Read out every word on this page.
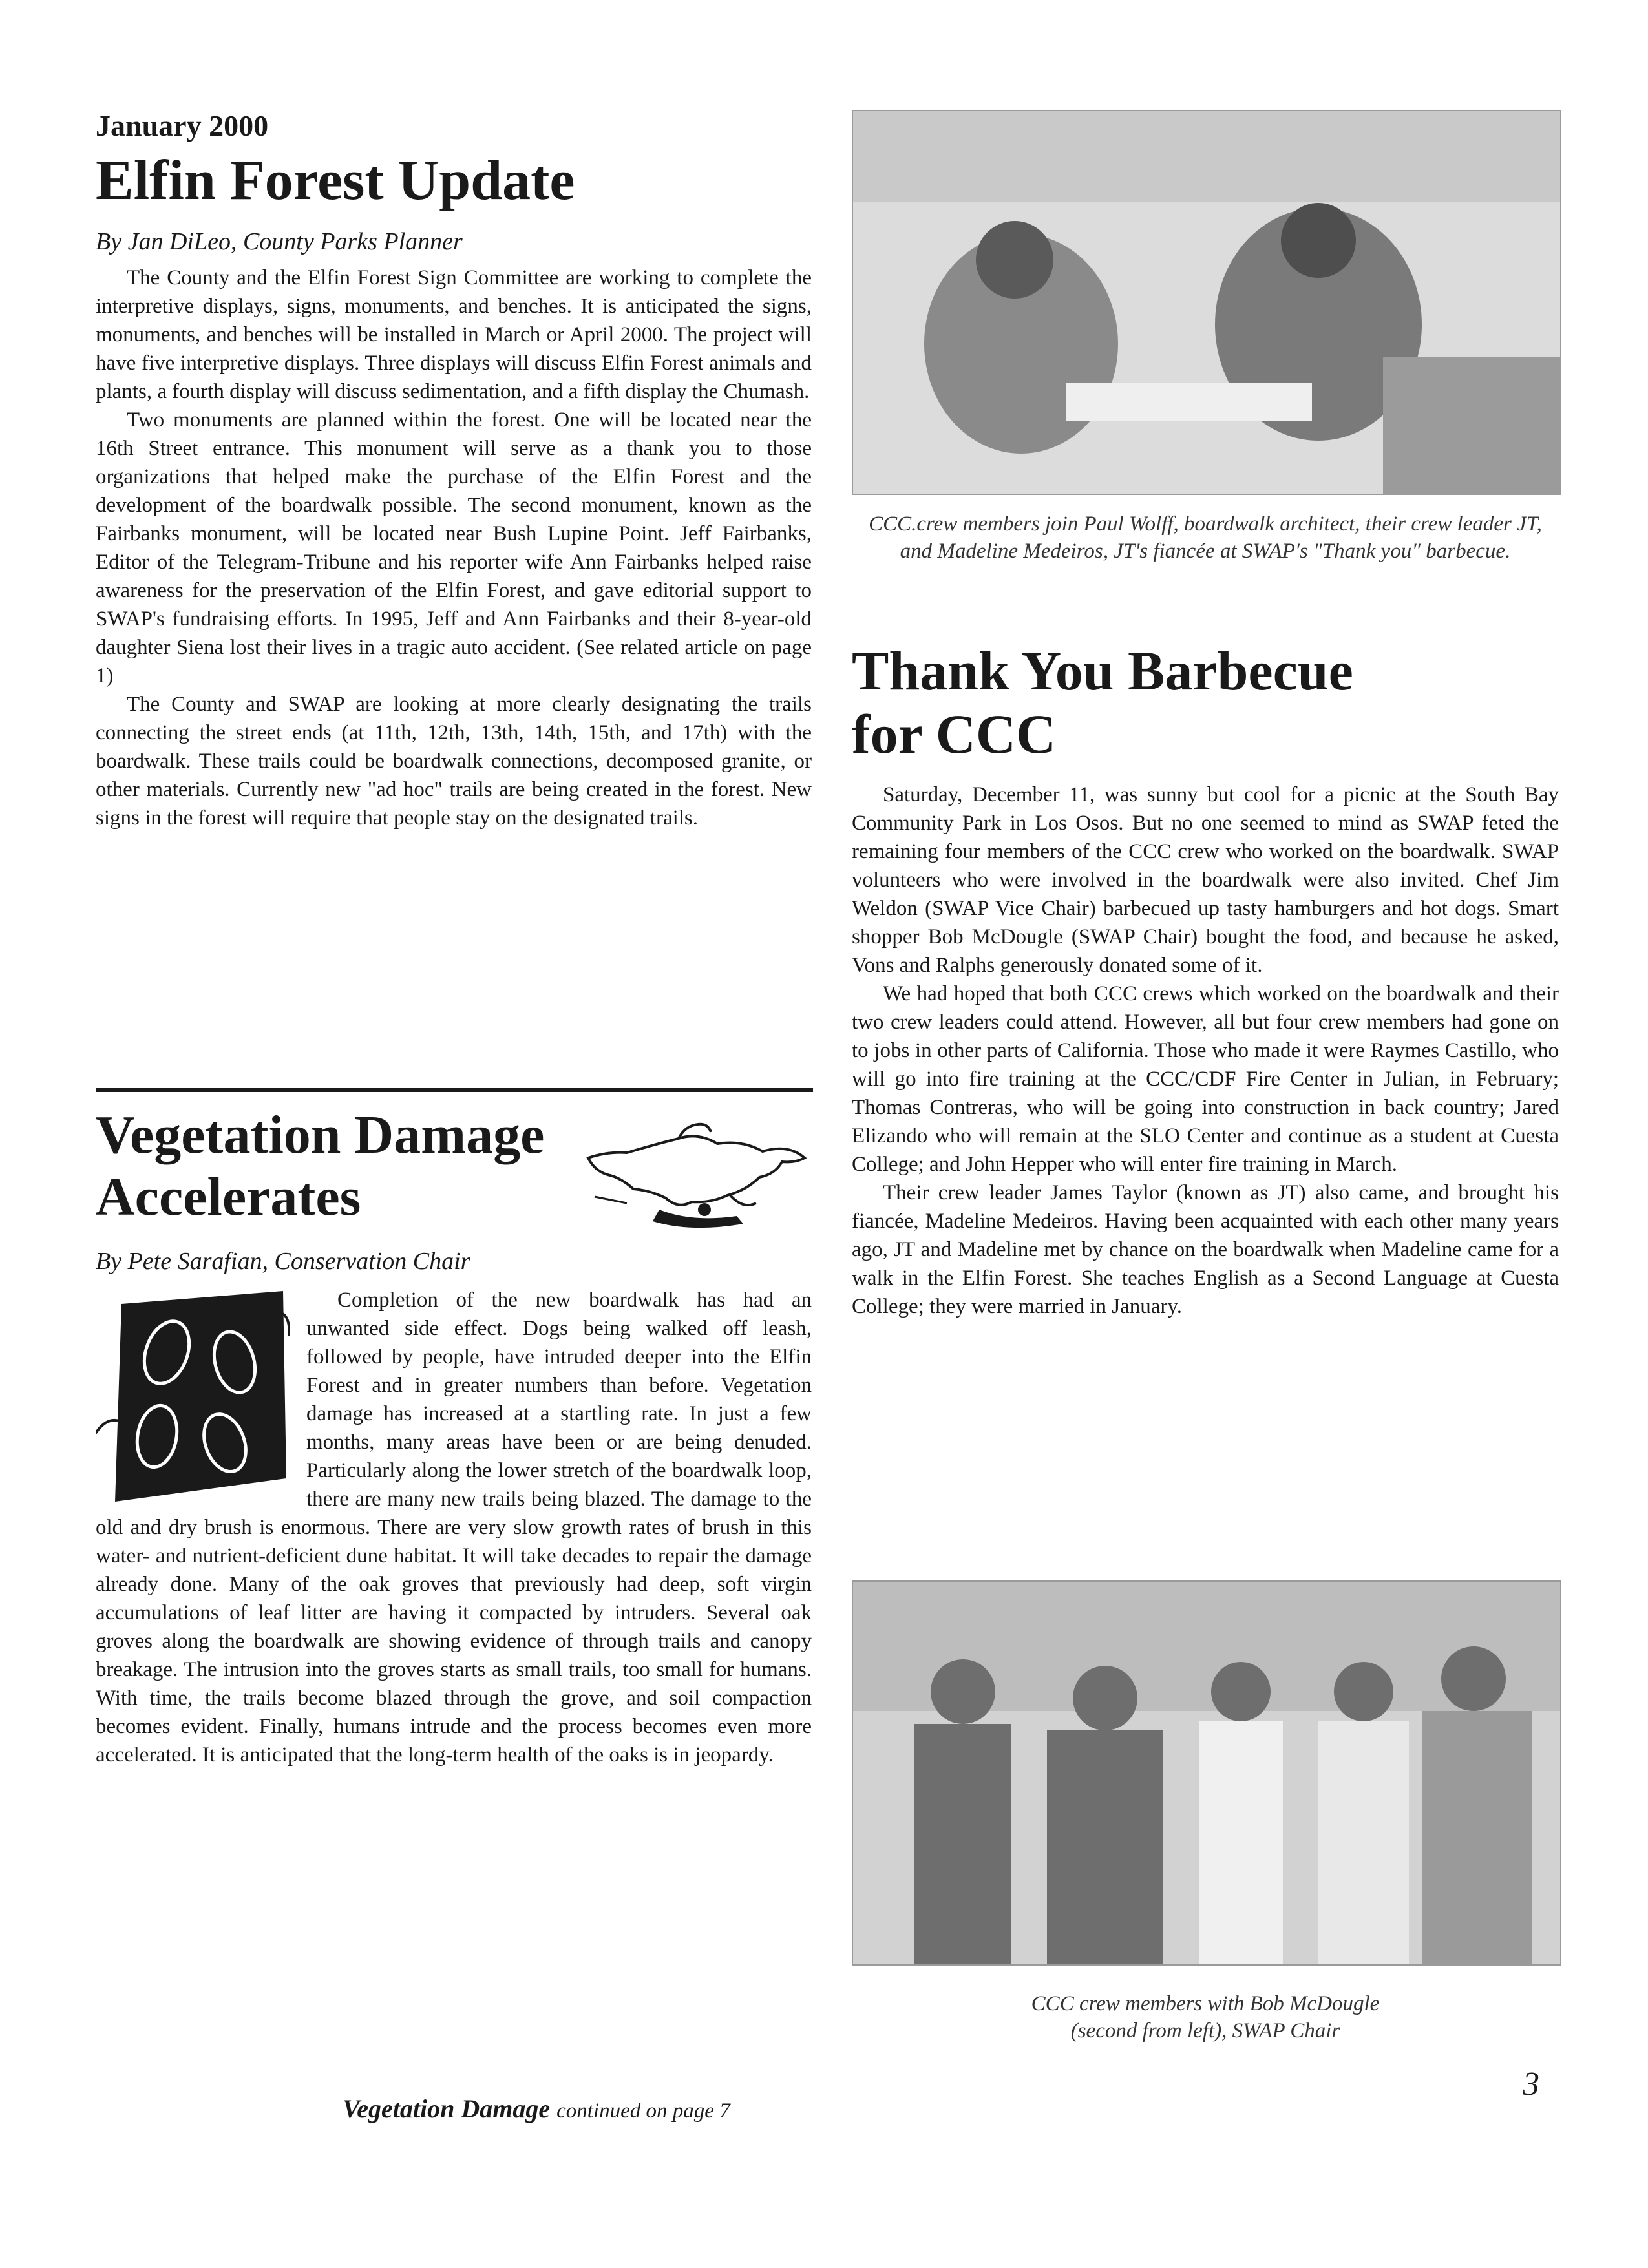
January 2000
Elfin Forest Update
By Jan DiLeo, County Parks Planner

The County and the Elfin Forest Sign Committee are working to complete the interpretive displays, signs, monuments, and benches. It is anticipated the signs, monuments, and benches will be installed in March or April 2000. The project will have five interpretive displays. Three displays will discuss Elfin Forest animals and plants, a fourth display will discuss sedimentation, and a fifth display the Chumash.

Two monuments are planned within the forest. One will be located near the 16th Street entrance. This monument will serve as a thank you to those organizations that helped make the purchase of the Elfin Forest and the development of the boardwalk possible. The second monument, known as the Fairbanks monument, will be located near Bush Lupine Point. Jeff Fairbanks, Editor of the Telegram-Tribune and his reporter wife Ann Fairbanks helped raise awareness for the preservation of the Elfin Forest, and gave editorial support to SWAP's fundraising efforts. In 1995, Jeff and Ann Fairbanks and their 8-year-old daughter Siena lost their lives in a tragic auto accident. (See related article on page 1)

The County and SWAP are looking at more clearly designating the trails connecting the street ends (at 11th, 12th, 13th, 14th, 15th, and 17th) with the boardwalk. These trails could be boardwalk connections, decomposed granite, or other materials. Currently new "ad hoc" trails are being created in the forest. New signs in the forest will require that people stay on the designated trails.

Vegetation Damage
Accelerates
By Pete Sarafian, Conservation Chair

Completion of the new boardwalk has had an unwanted side effect. Dogs being walked off leash, followed by people, have intruded deeper into the Elfin Forest and in greater numbers than before. Vegetation damage has increased at a startling rate. In just a few months, many areas have been or are being denuded. Particularly along the lower stretch of the boardwalk loop, there are many new trails being blazed. The damage to the old and dry brush is enormous. There are very slow growth rates of brush in this water- and nutrient-deficient dune habitat. It will take decades to repair the damage already done. Many of the oak groves that previously had deep, soft virgin accumulations of leaf litter are having it compacted by intruders. Several oak groves along the boardwalk are showing evidence of through trails and canopy breakage. The intrusion into the groves starts as small trails, too small for humans. With time, the trails become blazed through the grove, and soil compaction becomes evident. Finally, humans intrude and the process becomes even more accelerated. It is anticipated that the long-term health of the oaks is in jeopardy.

Vegetation Damage continued on page 7
CCC.crew members join Paul Wolff, boardwalk architect, their crew leader JT, and Madeline Medeiros, JT's fiancée at SWAP's "Thank you" barbecue.
Thank You Barbecue
for CCC

Saturday, December 11, was sunny but cool for a picnic at the South Bay Community Park in Los Osos. But no one seemed to mind as SWAP feted the remaining four members of the CCC crew who worked on the boardwalk. SWAP volunteers who were involved in the boardwalk were also invited. Chef Jim Weldon (SWAP Vice Chair) barbecued up tasty hamburgers and hot dogs. Smart shopper Bob McDougle (SWAP Chair) bought the food, and because he asked, Vons and Ralphs generously donated some of it.

We had hoped that both CCC crews which worked on the boardwalk and their two crew leaders could attend. However, all but four crew members had gone on to jobs in other parts of California. Those who made it were Raymes Castillo, who will go into fire training at the CCC/CDF Fire Center in Julian, in February; Thomas Contreras, who will be going into construction in back country; Jared Elizando who will remain at the SLO Center and continue as a student at Cuesta College; and John Hepper who will enter fire training in March.

Their crew leader James Taylor (known as JT) also came, and brought his fiancée, Madeline Medeiros. Having been acquainted with each other many years ago, JT and Madeline met by chance on the boardwalk when Madeline came for a walk in the Elfin Forest. She teaches English as a Second Language at Cuesta College; they were married in January.

CCC crew members with Bob McDougle
(second from left), SWAP Chair
3
